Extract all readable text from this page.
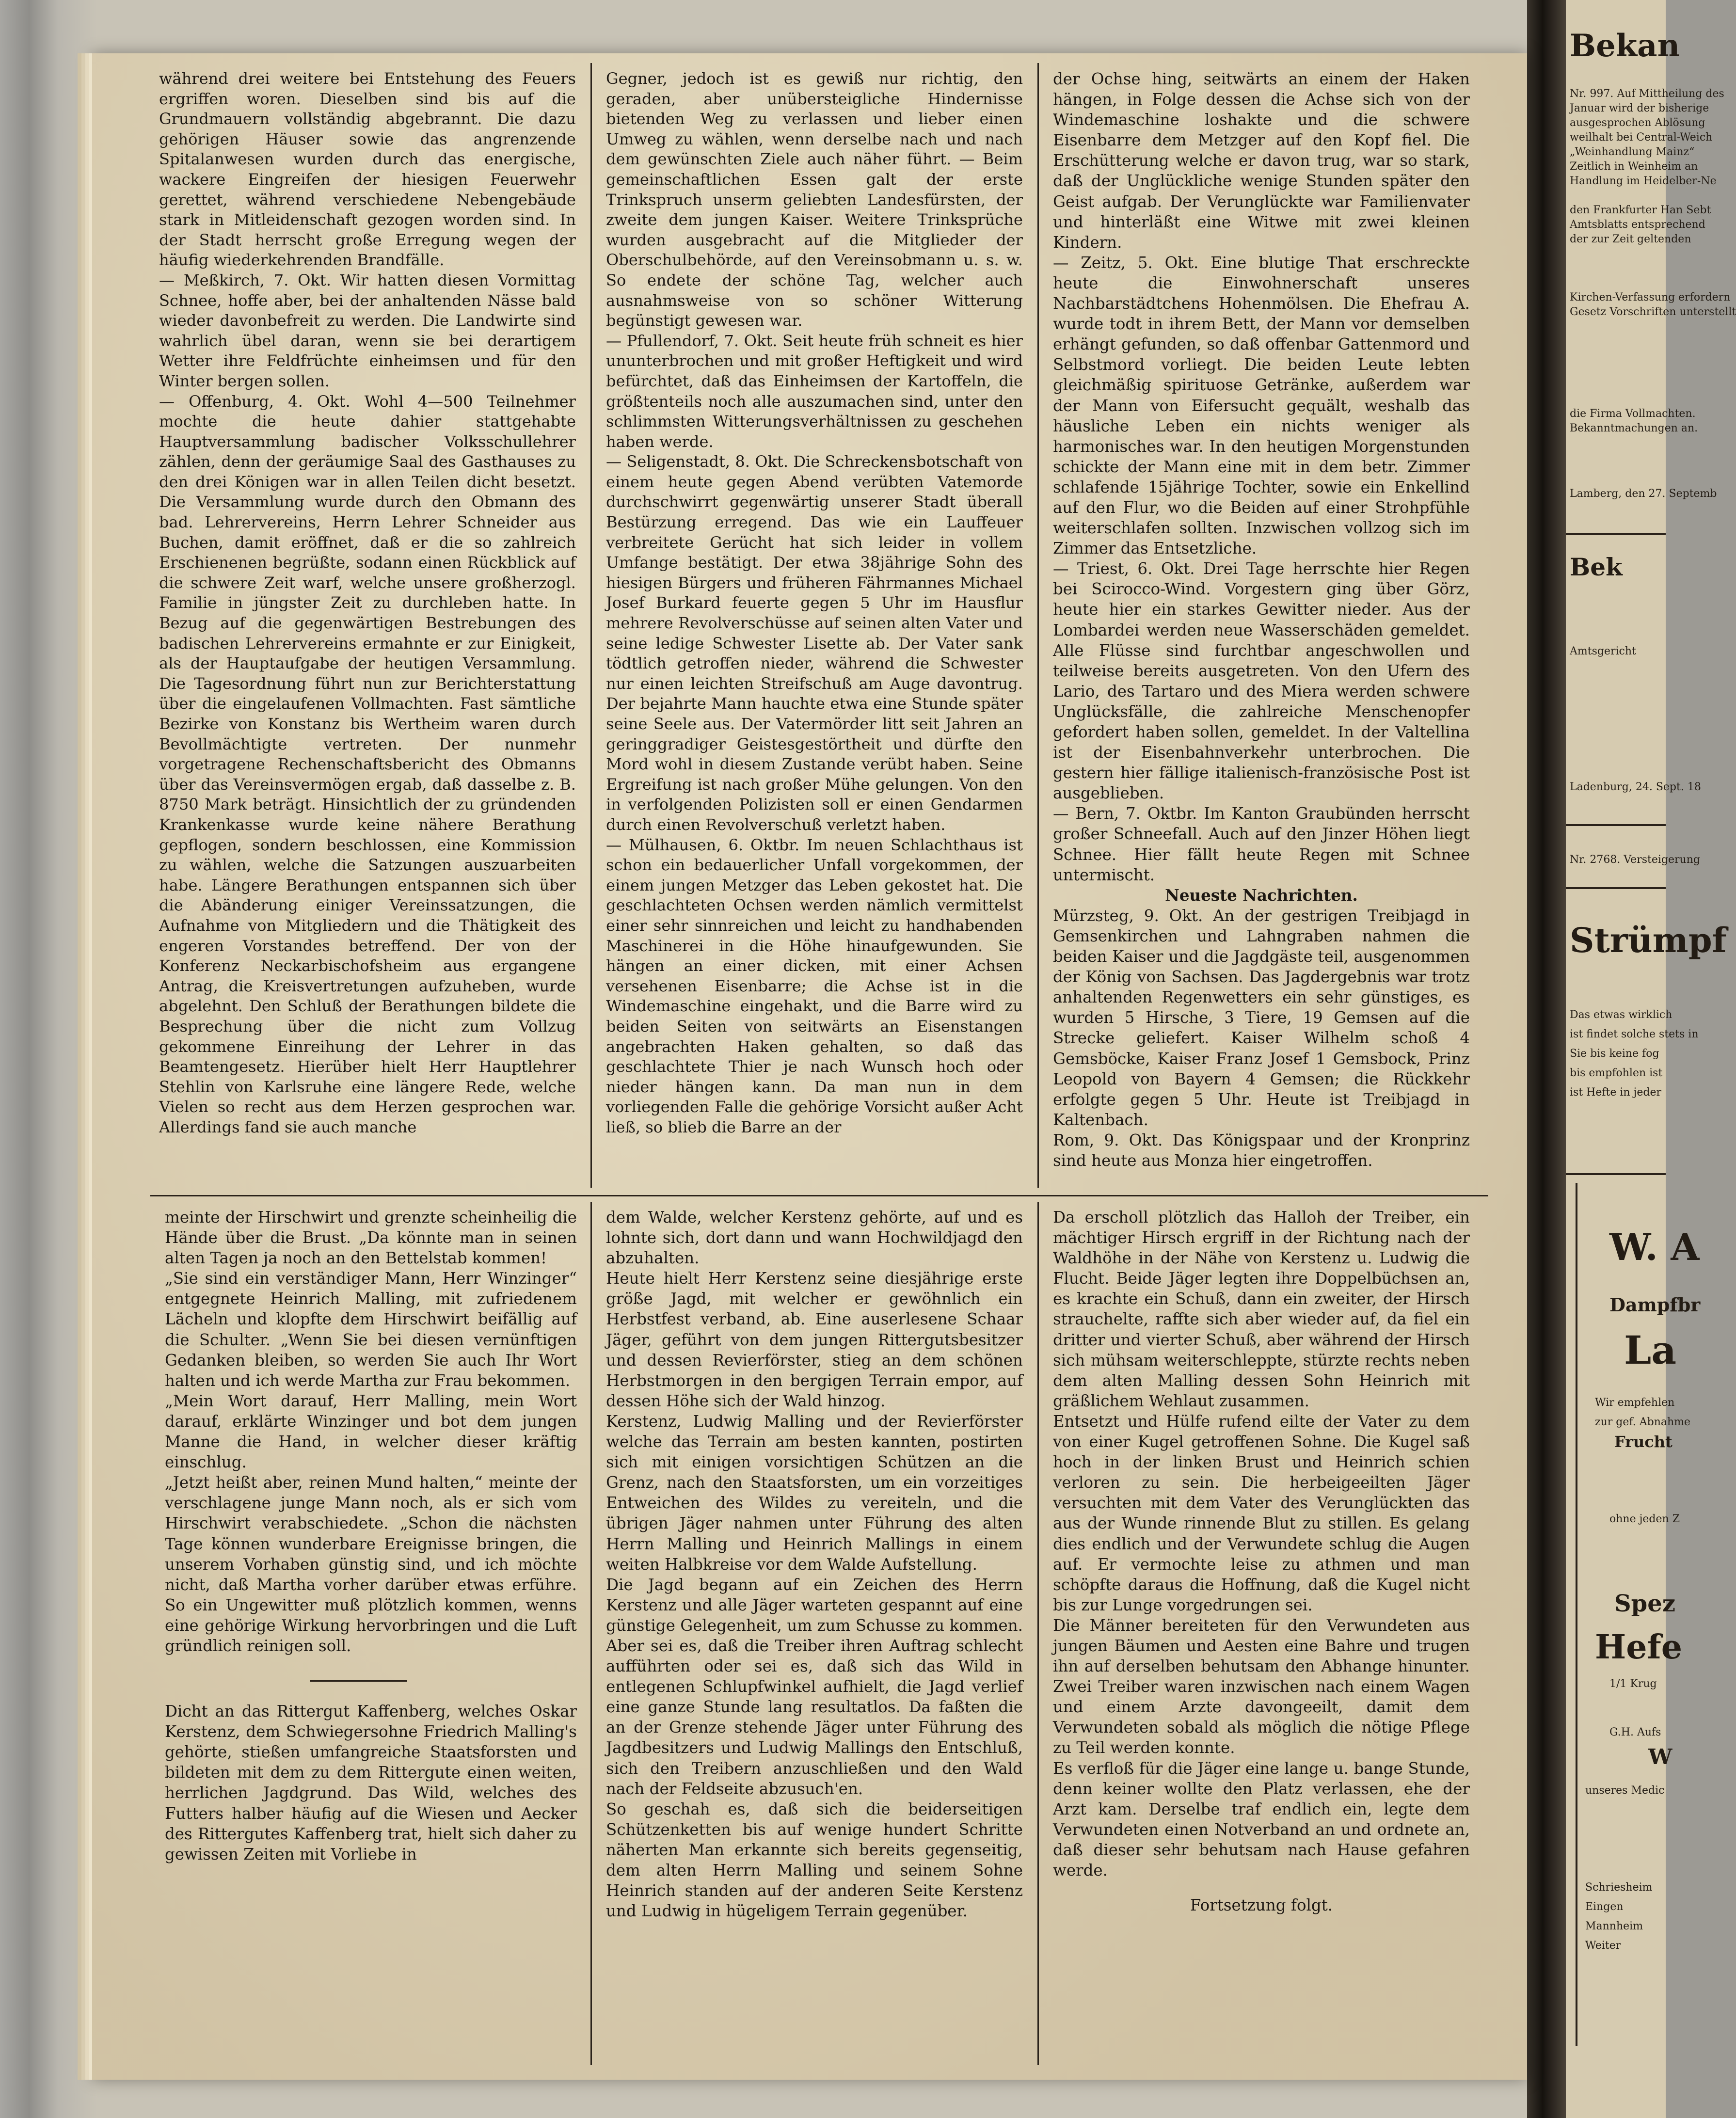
während drei weitere bei Entstehung des Feuers ergriffen woren. Dieselben sind bis auf die Grundmauern vollständig abgebrannt. Die dazu gehörigen Häuser sowie das angrenzende Spitalanwesen wurden durch das energische, wackere Eingreifen der hiesigen Feuerwehr gerettet, während verschiedene Nebengebäude stark in Mitleidenschaft gezogen worden sind. In der Stadt herrscht große Erregung wegen der häufig wiederkehrenden Brandfälle.

— Meßkirch, 7. Okt. Wir hatten diesen Vormittag Schnee, hoffe aber, bei der anhaltenden Nässe bald wieder davonbefreit zu werden. Die Landwirte sind wahrlich übel daran, wenn sie bei derartigem Wetter ihre Feldfrüchte einheimsen und für den Winter bergen sollen.

— Offenburg, 4. Okt. Wohl 4—500 Teilnehmer mochte die heute dahier stattgehabte Hauptversammlung badischer Volksschullehrer zählen, denn der geräumige Saal des Gasthauses zu den drei Königen war in allen Teilen dicht besetzt. Die Versammlung wurde durch den Obmann des bad. Lehrervereins, Herrn Lehrer Schneider aus Buchen, damit eröffnet, daß er die so zahlreich Erschienenen begrüßte, sodann einen Rückblick auf die schwere Zeit warf, welche unsere großherzogl. Familie in jüngster Zeit zu durchleben hatte. In Bezug auf die gegenwärtigen Bestrebungen des badischen Lehrervereins ermahnte er zur Einigkeit, als der Hauptaufgabe der heutigen Versammlung. Die Tagesordnung führt nun zur Berichterstattung über die eingelaufenen Vollmachten. Fast sämtliche Bezirke von Konstanz bis Wertheim waren durch Bevollmächtigte vertreten. Der nunmehr vorgetragene Rechenschaftsbericht des Obmanns über das Vereinsvermögen ergab, daß dasselbe z. B. 8750 Mark beträgt. Hinsichtlich der zu gründenden Krankenkasse wurde keine nähere Berathung gepflogen, sondern beschlossen, eine Kommission zu wählen, welche die Satzungen auszuarbeiten habe. Längere Berathungen entspannen sich über die Abänderung einiger Vereinssatzungen, die Aufnahme von Mitgliedern und die Thätigkeit des engeren Vorstandes betreffend. Der von der Konferenz Neckarbischofsheim aus ergangene Antrag, die Kreisvertretungen aufzuheben, wurde abgelehnt. Den Schluß der Berathungen bildete die Besprechung über die nicht zum Vollzug gekommene Einreihung der Lehrer in das Beamtengesetz. Hierüber hielt Herr Hauptlehrer Stehlin von Karlsruhe eine längere Rede, welche Vielen so recht aus dem Herzen gesprochen war. Allerdings fand sie auch manche

Gegner, jedoch ist es gewiß nur richtig, den geraden, aber unübersteigliche Hindernisse bietenden Weg zu verlassen und lieber einen Umweg zu wählen, wenn derselbe nach und nach dem gewünschten Ziele auch näher führt. — Beim gemeinschaftlichen Essen galt der erste Trinkspruch unserm geliebten Landesfürsten, der zweite dem jungen Kaiser. Weitere Trinksprüche wurden ausgebracht auf die Mitglieder der Oberschulbehörde, auf den Vereinsobmann u. s. w. So endete der schöne Tag, welcher auch ausnahmsweise von so schöner Witterung begünstigt gewesen war.

— Pfullendorf, 7. Okt. Seit heute früh schneit es hier ununterbrochen und mit großer Heftigkeit und wird befürchtet, daß das Einheimsen der Kartoffeln, die größtenteils noch alle auszumachen sind, unter den schlimmsten Witterungsverhältnissen zu geschehen haben werde.

— Seligenstadt, 8. Okt. Die Schreckensbotschaft von einem heute gegen Abend verübten Vatemorde durchschwirrt gegenwärtig unserer Stadt überall Bestürzung erregend. Das wie ein Lauffeuer verbreitete Gerücht hat sich leider in vollem Umfange bestätigt. Der etwa 38jährige Sohn des hiesigen Bürgers und früheren Fährmannes Michael Josef Burkard feuerte gegen 5 Uhr im Hausflur mehrere Revolverschüsse auf seinen alten Vater und seine ledige Schwester Lisette ab. Der Vater sank tödtlich getroffen nieder, während die Schwester nur einen leichten Streifschuß am Auge davontrug. Der bejahrte Mann hauchte etwa eine Stunde später seine Seele aus. Der Vatermörder litt seit Jahren an geringgradiger Geistesgestörtheit und dürfte den Mord wohl in diesem Zustande verübt haben. Seine Ergreifung ist nach großer Mühe gelungen. Von den in verfolgenden Polizisten soll er einen Gendarmen durch einen Revolverschuß verletzt haben.

— Mülhausen, 6. Oktbr. Im neuen Schlachthaus ist schon ein bedauerlicher Unfall vorgekommen, der einem jungen Metzger das Leben gekostet hat. Die geschlachteten Ochsen werden nämlich vermittelst einer sehr sinnreichen und leicht zu handhabenden Maschinerei in die Höhe hinaufgewunden. Sie hängen an einer dicken, mit einer Achsen versehenen Eisenbarre; die Achse ist in die Windemaschine eingehakt, und die Barre wird zu beiden Seiten von seitwärts an Eisenstangen angebrachten Haken gehalten, so daß das geschlachtete Thier je nach Wunsch hoch oder nieder hängen kann. Da man nun in dem vorliegenden Falle die gehörige Vorsicht außer Acht ließ, so blieb die Barre an der

der Ochse hing, seitwärts an einem der Haken hängen, in Folge dessen die Achse sich von der Windemaschine loshakte und die schwere Eisenbarre dem Metzger auf den Kopf fiel. Die Erschütterung welche er davon trug, war so stark, daß der Unglückliche wenige Stunden später den Geist aufgab. Der Verunglückte war Familienvater und hinterläßt eine Witwe mit zwei kleinen Kindern.

— Zeitz, 5. Okt. Eine blutige That erschreckte heute die Einwohnerschaft unseres Nachbarstädtchens Hohenmölsen. Die Ehefrau A. wurde todt in ihrem Bett, der Mann vor demselben erhängt gefunden, so daß offenbar Gattenmord und Selbstmord vorliegt. Die beiden Leute lebten gleichmäßig spirituose Getränke, außerdem war der Mann von Eifersucht gequält, weshalb das häusliche Leben ein nichts weniger als harmonisches war. In den heutigen Morgenstunden schickte der Mann eine mit in dem betr. Zimmer schlafende 15jährige Tochter, sowie ein Enkellind auf den Flur, wo die Beiden auf einer Strohpfühle weiterschlafen sollten. Inzwischen vollzog sich im Zimmer das Entsetzliche.

— Triest, 6. Okt. Drei Tage herrschte hier Regen bei Scirocco-Wind. Vorgestern ging über Görz, heute hier ein starkes Gewitter nieder. Aus der Lombardei werden neue Wasserschäden gemeldet. Alle Flüsse sind furchtbar angeschwollen und teilweise bereits ausgetreten. Von den Ufern des Lario, des Tartaro und des Miera werden schwere Unglücksfälle, die zahlreiche Menschenopfer gefordert haben sollen, gemeldet. In der Valtellina ist der Eisenbahnverkehr unterbrochen. Die gestern hier fällige italienisch-französische Post ist ausgeblieben.

— Bern, 7. Oktbr. Im Kanton Graubünden herrscht großer Schneefall. Auch auf den Jinzer Höhen liegt Schnee. Hier fällt heute Regen mit Schnee untermischt.

Neueste Nachrichten.

Mürzsteg, 9. Okt. An der gestrigen Treibjagd in Gemsenkirchen und Lahngraben nahmen die beiden Kaiser und die Jagdgäste teil, ausgenommen der König von Sachsen. Das Jagdergebnis war trotz anhaltenden Regenwetters ein sehr günstiges, es wurden 5 Hirsche, 3 Tiere, 19 Gemsen auf die Strecke geliefert. Kaiser Wilhelm schoß 4 Gemsböcke, Kaiser Franz Josef 1 Gemsbock, Prinz Leopold von Bayern 4 Gemsen; die Rückkehr erfolgte gegen 5 Uhr. Heute ist Treibjagd in Kaltenbach.

Rom, 9. Okt. Das Königspaar und der Kronprinz sind heute aus Monza hier eingetroffen.

meinte der Hirschwirt und grenzte scheinheilig die Hände über die Brust. „Da könnte man in seinen alten Tagen ja noch an den Bettelstab kommen!

„Sie sind ein verständiger Mann, Herr Winzinger“ entgegnete Heinrich Malling, mit zufriedenem Lächeln und klopfte dem Hirschwirt beifällig auf die Schulter. „Wenn Sie bei diesen vernünftigen Gedanken bleiben, so werden Sie auch Ihr Wort halten und ich werde Martha zur Frau bekommen.

„Mein Wort darauf, Herr Malling, mein Wort darauf, erklärte Winzinger und bot dem jungen Manne die Hand, in welcher dieser kräftig einschlug.

„Jetzt heißt aber, reinen Mund halten,“ meinte der verschlagene junge Mann noch, als er sich vom Hirschwirt verabschiedete. „Schon die nächsten Tage können wunderbare Ereignisse bringen, die unserem Vorhaben günstig sind, und ich möchte nicht, daß Martha vorher darüber etwas erführe. So ein Ungewitter muß plötzlich kommen, wenns eine gehörige Wirkung hervorbringen und die Luft gründlich reinigen soll.

Dicht an das Rittergut Kaffenberg, welches Oskar Kerstenz, dem Schwiegersohne Friedrich Malling's gehörte, stießen umfangreiche Staatsforsten und bildeten mit dem zu dem Rittergute einen weiten, herrlichen Jagdgrund. Das Wild, welches des Futters halber häufig auf die Wiesen und Aecker des Rittergutes Kaffenberg trat, hielt sich daher zu gewissen Zeiten mit Vorliebe in

dem Walde, welcher Kerstenz gehörte, auf und es lohnte sich, dort dann und wann Hochwildjagd den abzuhalten.

Heute hielt Herr Kerstenz seine diesjährige erste größe Jagd, mit welcher er gewöhnlich ein Herbstfest verband, ab. Eine auserlesene Schaar Jäger, geführt von dem jungen Rittergutsbesitzer und dessen Revierförster, stieg an dem schönen Herbstmorgen in den bergigen Terrain empor, auf dessen Höhe sich der Wald hinzog.

Kerstenz, Ludwig Malling und der Revierförster welche das Terrain am besten kannten, postirten sich mit einigen vorsichtigen Schützen an die Grenz, nach den Staatsforsten, um ein vorzeitiges Entweichen des Wildes zu vereiteln, und die übrigen Jäger nahmen unter Führung des alten Herrn Malling und Heinrich Mallings in einem weiten Halbkreise vor dem Walde Aufstellung.

Die Jagd begann auf ein Zeichen des Herrn Kerstenz und alle Jäger warteten gespannt auf eine günstige Gelegenheit, um zum Schusse zu kommen. Aber sei es, daß die Treiber ihren Auftrag schlecht aufführten oder sei es, daß sich das Wild in entlegenen Schlupfwinkel aufhielt, die Jagd verlief eine ganze Stunde lang resultatlos. Da faßten die an der Grenze stehende Jäger unter Führung des Jagdbesitzers und Ludwig Mallings den Entschluß, sich den Treibern anzuschließen und den Wald nach der Feldseite abzusuch'en.

So geschah es, daß sich die beiderseitigen Schützenketten bis auf wenige hundert Schritte näherten Man erkannte sich bereits gegenseitig, dem alten Herrn Malling und seinem Sohne Heinrich standen auf der anderen Seite Kerstenz und Ludwig in hügeligem Terrain gegenüber.

Da erscholl plötzlich das Halloh der Treiber, ein mächtiger Hirsch ergriff in der Richtung nach der Waldhöhe in der Nähe von Kerstenz u. Ludwig die Flucht. Beide Jäger legten ihre Doppelbüchsen an, es krachte ein Schuß, dann ein zweiter, der Hirsch strauchelte, raffte sich aber wieder auf, da fiel ein dritter und vierter Schuß, aber während der Hirsch sich mühsam weiterschleppte, stürzte rechts neben dem alten Malling dessen Sohn Heinrich mit gräßlichem Wehlaut zusammen.

Entsetzt und Hülfe rufend eilte der Vater zu dem von einer Kugel getroffenen Sohne. Die Kugel saß hoch in der linken Brust und Heinrich schien verloren zu sein. Die herbeigeeilten Jäger versuchten mit dem Vater des Verunglückten das aus der Wunde rinnende Blut zu stillen. Es gelang dies endlich und der Verwundete schlug die Augen auf. Er vermochte leise zu athmen und man schöpfte daraus die Hoffnung, daß die Kugel nicht bis zur Lunge vorgedrungen sei.

Die Männer bereiteten für den Verwundeten aus jungen Bäumen und Aesten eine Bahre und trugen ihn auf derselben behutsam den Abhange hinunter. Zwei Treiber waren inzwischen nach einem Wagen und einem Arzte davongeeilt, damit dem Verwundeten sobald als möglich die nötige Pflege zu Teil werden konnte.

Es verfloß für die Jäger eine lange u. bange Stunde, denn keiner wollte den Platz verlassen, ehe der Arzt kam. Derselbe traf endlich ein, legte dem Verwundeten einen Notverband an und ordnete an, daß dieser sehr behutsam nach Hause gefahren werde.

Fortsetzung folgt.

Bekan
Nr. 997. Auf Mittheilung des
Januar wird der bisherige
ausgesprochen Ablösung
weilhalt bei Central-Weich
„Weinhandlung Mainz“
Zeitlich in Weinheim an
Handlung im Heidelber-Ne
den Frankfurter Han Sebt
Amtsblatts entsprechend
der zur Zeit geltenden
Kirchen-Verfassung erfordern
Gesetz Vorschriften unterstellt
die Firma Vollmachten.
Bekanntmachungen an.
Lamberg, den 27. Septemb
Bek
Amtsgericht
Ladenburg, 24. Sept. 18
Nr. 2768. Versteigerung
Strümpf
Das etwas wirklich
ist findet solche stets in
Sie bis keine fog
bis empfohlen ist
ist Hefte in jeder
W. A
Dampfbr
La
Wir empfehlen
zur gef. Abnahme
Frucht
ohne jeden Z
Spez
Hefe
1/1 Krug
G.H. Aufs
W
unseres Medic
Schriesheim
Eingen
Mannheim
Weiter
